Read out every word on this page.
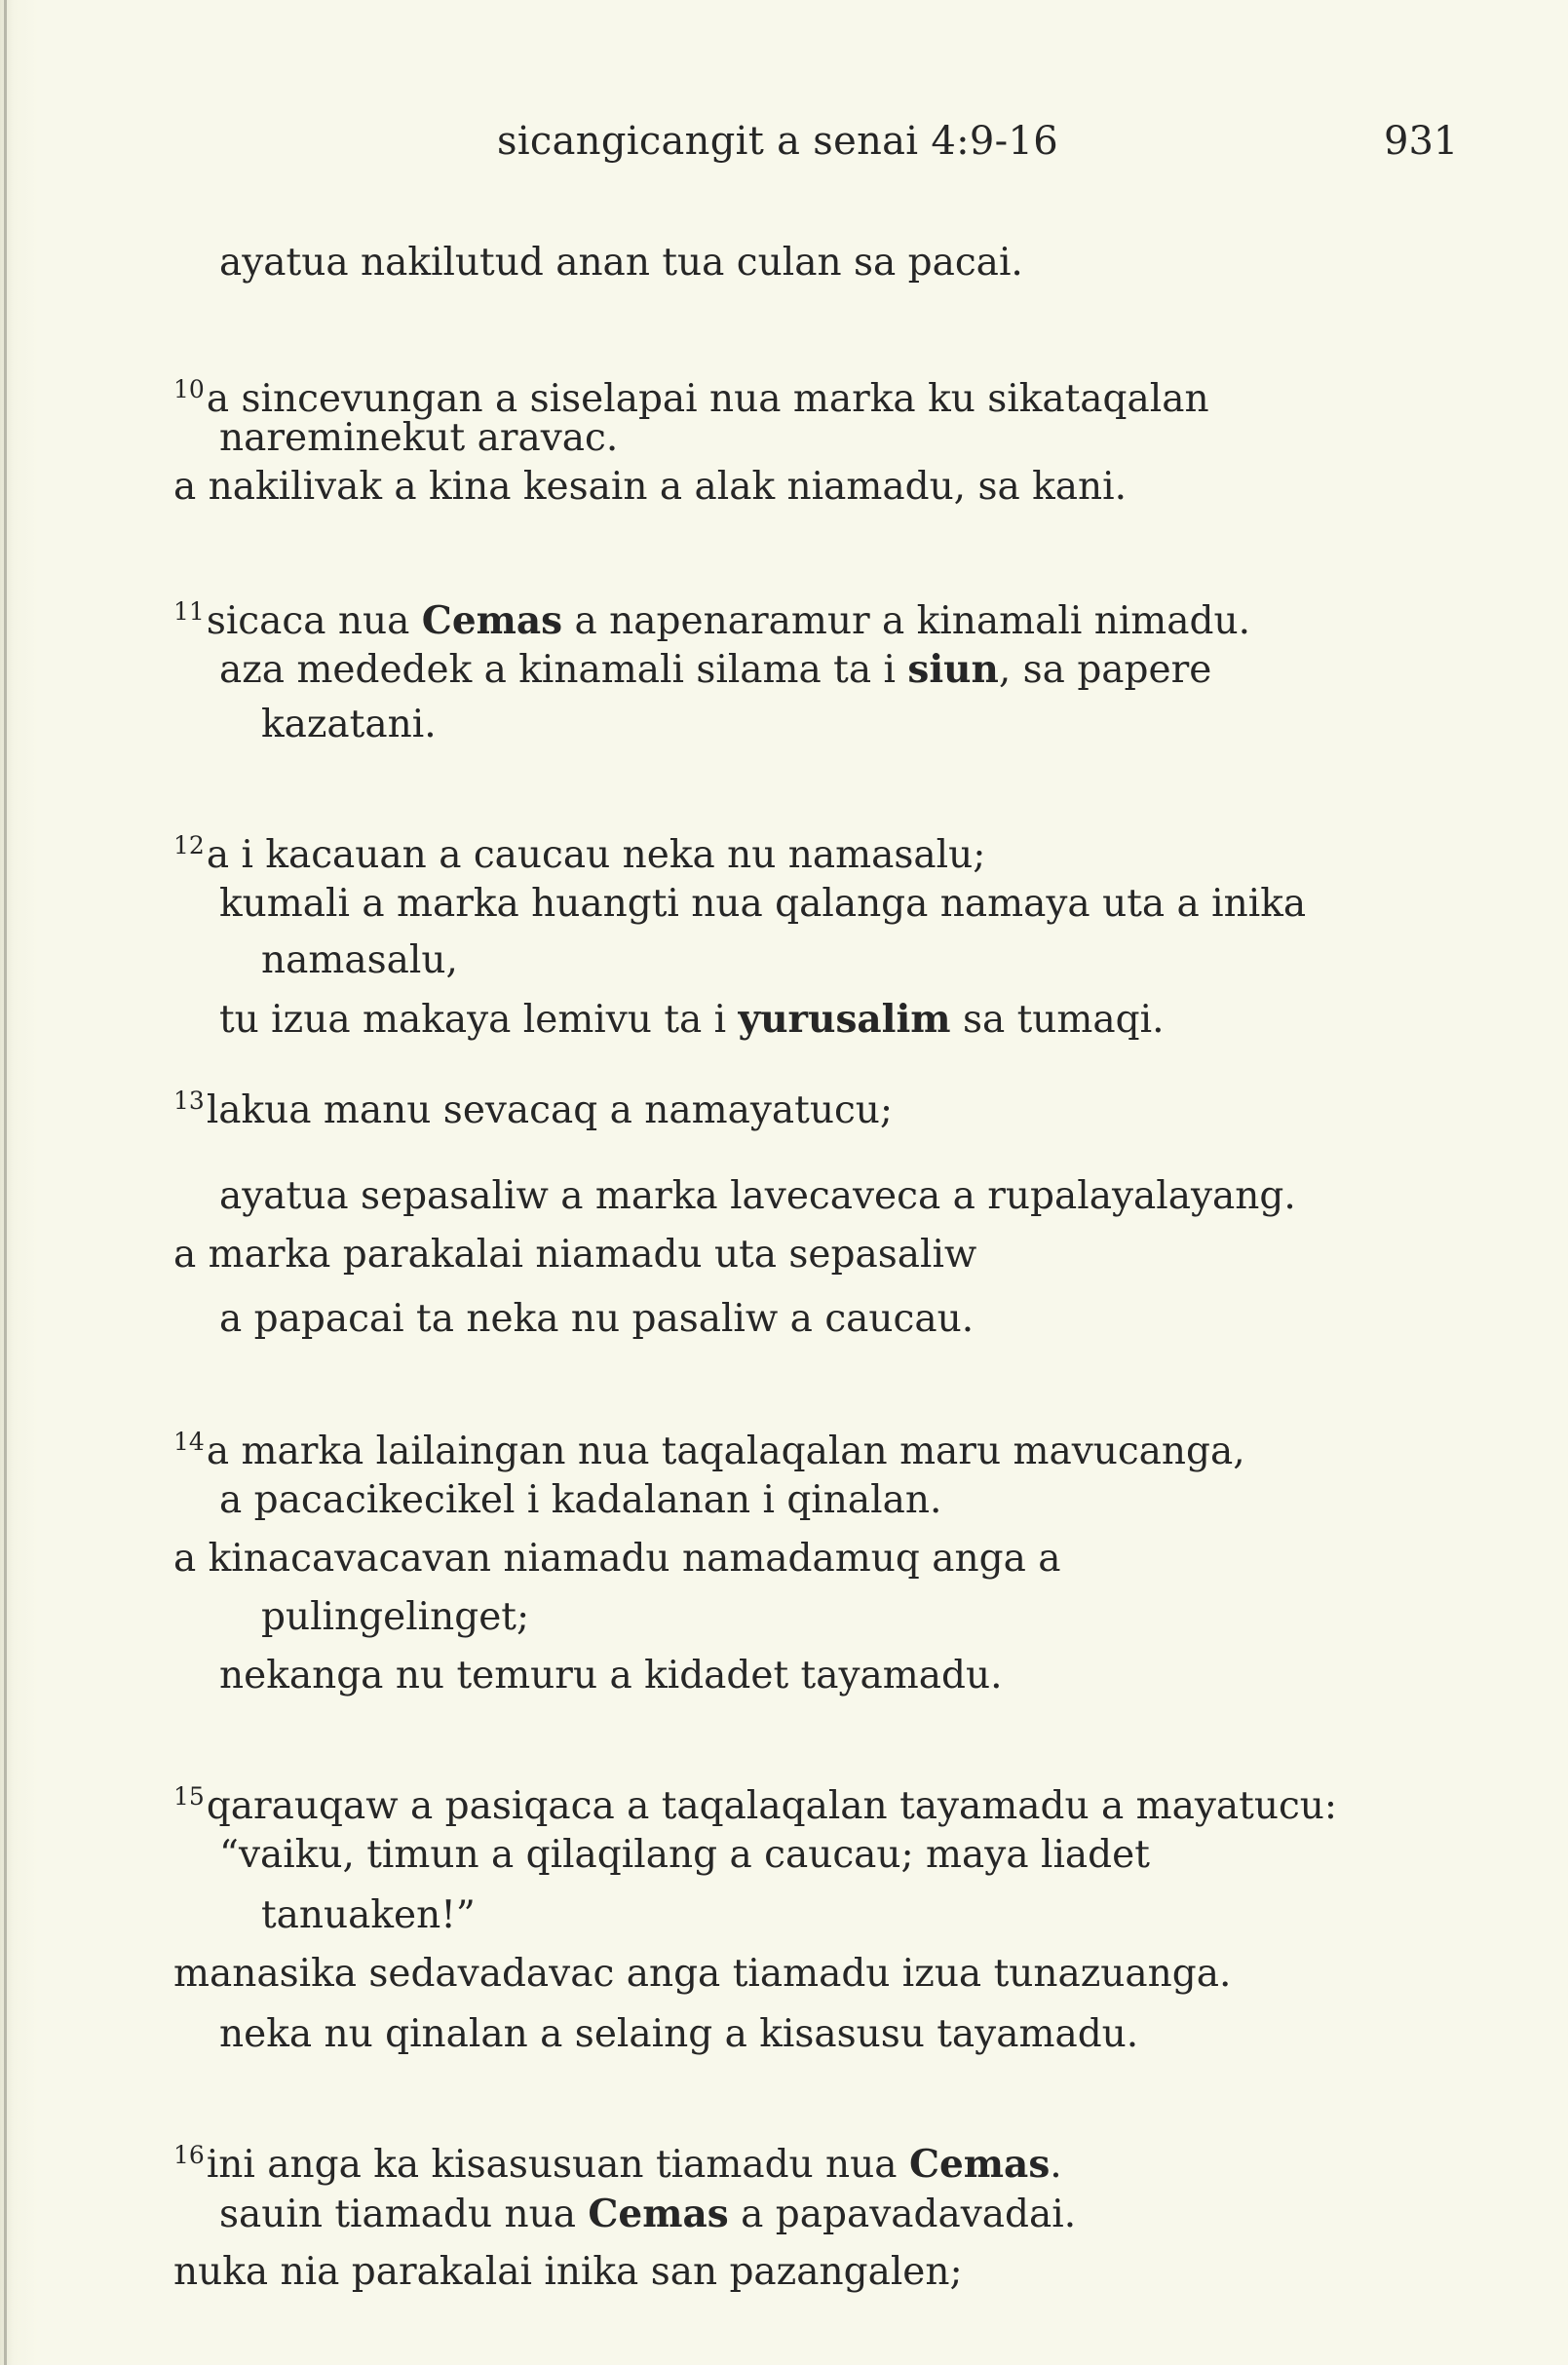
sicangicangit a senai 4:9-16	931
ayatua nakilutud anan tua culan sa pacai.
$^{10}$a sincevungan a siselapai nua marka ku sikataqalan
nareminekut aravac.
a nakilivak a kina kesain a alak niamadu, sa kani.
$^{11}$sicaca nua Cemas a napenaramur a kinamali nimadu.
aza mededek a kinamali silama ta i siun, sa papere
kazatani.
$^{12}$a i kacauan a caucau neka nu namasalu;
kumali a marka huangti nua qalanga namaya uta a inika
namasalu,
tu izua makaya lemivu ta i yurusalim sa tumaqi.
$^{13}$lakua manu sevacaq a namayatucu;
ayatua sepasaliw a marka lavecaveca a rupalayalayang.
a marka parakalai niamadu uta sepasaliw
a papacai ta neka nu pasaliw a caucau.
$^{14}$a marka lailaingan nua taqalaqalan maru mavucanga,
a pacacikecikel i kadalanan i qinalan.
a kinacavacavan niamadu namadamuq anga a
pulingelinget;
nekanga nu temuru a kidadet tayamadu.
$^{15}$qarauqaw a pasiqaca a taqalaqalan tayamadu a mayatucu:
“vaiku, timun a qilaqilang a caucau; maya liadet
tanuaken!”
manasika sedavadavac anga tiamadu izua tunazuanga.
neka nu qinalan a selaing a kisasusu tayamadu.
$^{16}$ini anga ka kisasusuan tiamadu nua Cemas.
sauin tiamadu nua Cemas a papavadavadai.
nuka nia parakalai inika san pazangalen;
